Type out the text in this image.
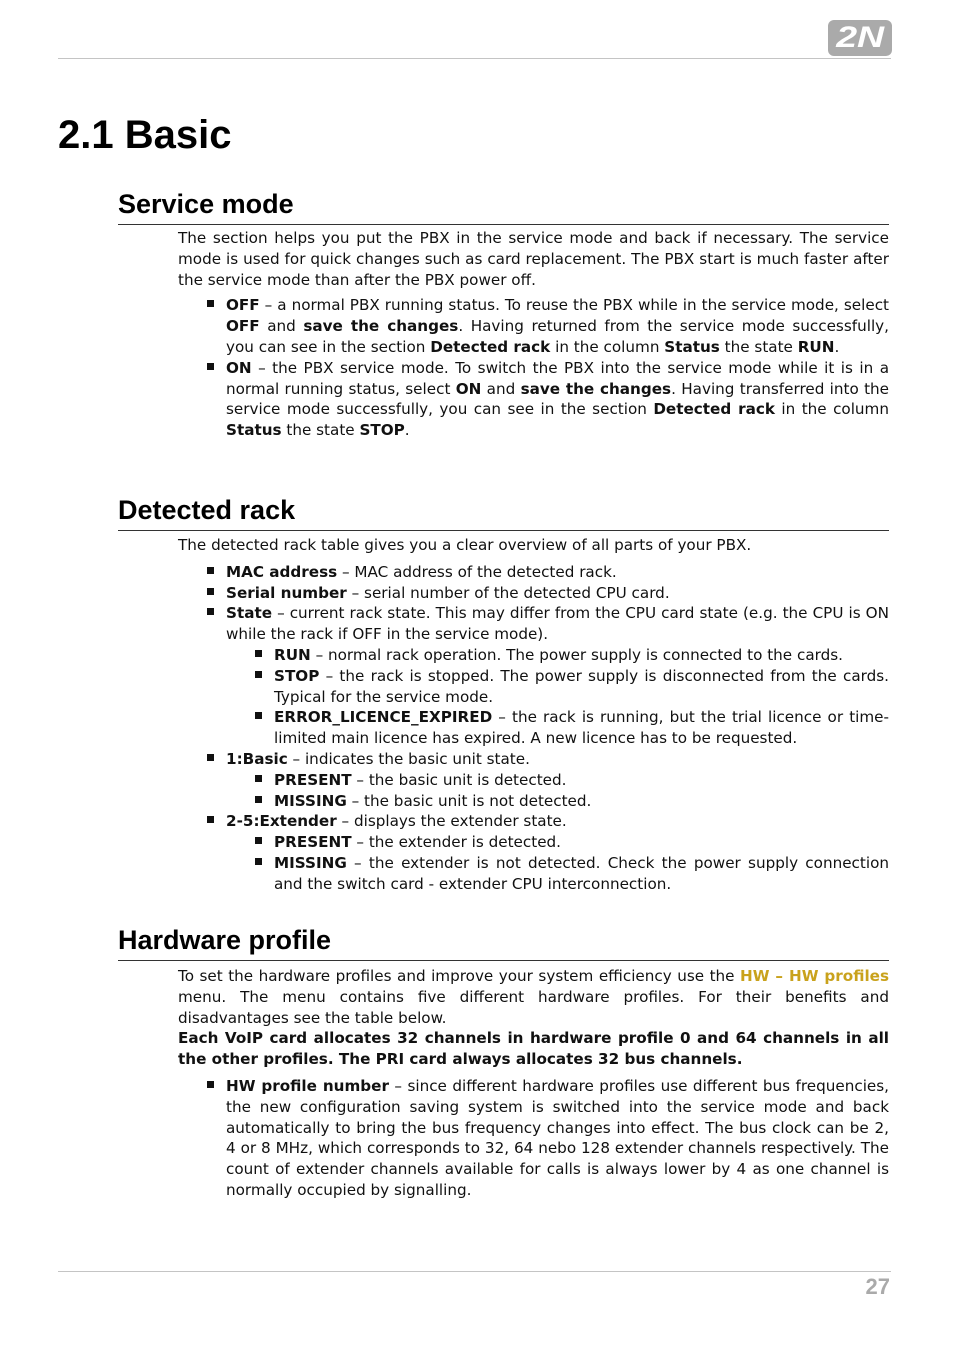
2N
2.1 Basic
Service mode

The section helps you put the PBX in the service mode and back if necessary. The service mode is used for quick changes such as card replacement. The PBX start is much faster after the service mode than after the PBX power off.

OFF – a normal PBX running status. To reuse the PBX while in the service mode, select OFF and save the changes. Having returned from the service mode successfully, you can see in the section Detected rack in the column Status the state RUN.
ON – the PBX service mode. To switch the PBX into the service mode while it is in a normal running status, select ON and save the changes. Having transferred into the service mode successfully, you can see in the section Detected rack in the column Status the state STOP.
Detected rack

The detected rack table gives you a clear overview of all parts of your PBX.

MAC address – MAC address of the detected rack.
Serial number – serial number of the detected CPU card.
State – current rack state. This may differ from the CPU card state (e.g. the CPU is ON while the rack if OFF in the service mode).
RUN – normal rack operation. The power supply is connected to the cards.
STOP – the rack is stopped. The power supply is disconnected from the cards. Typical for the service mode.
ERROR_LICENCE_EXPIRED – the rack is running, but the trial licence or time-limited main licence has expired. A new licence has to be requested.
1:Basic – indicates the basic unit state.
PRESENT – the basic unit is detected.
MISSING – the basic unit is not detected.
2-5:Extender – displays the extender state.
PRESENT – the extender is detected.
MISSING – the extender is not detected. Check the power supply connection and the switch card - extender CPU interconnection.
Hardware profile

To set the hardware profiles and improve your system efficiency use the HW – HW profiles menu. The menu contains five different hardware profiles. For their benefits and disadvantages see the table below.

Each VoIP card allocates 32 channels in hardware profile 0 and 64 channels in all the other profiles. The PRI card always allocates 32 bus channels.

HW profile number – since different hardware profiles use different bus frequencies, the new configuration saving system is switched into the service mode and back automatically to bring the bus frequency changes into effect. The bus clock can be 2, 4 or 8 MHz, which corresponds to 32, 64 nebo 128 extender channels respectively. The count of extender channels available for calls is always lower by 4 as one channel is normally occupied by signalling.
27
